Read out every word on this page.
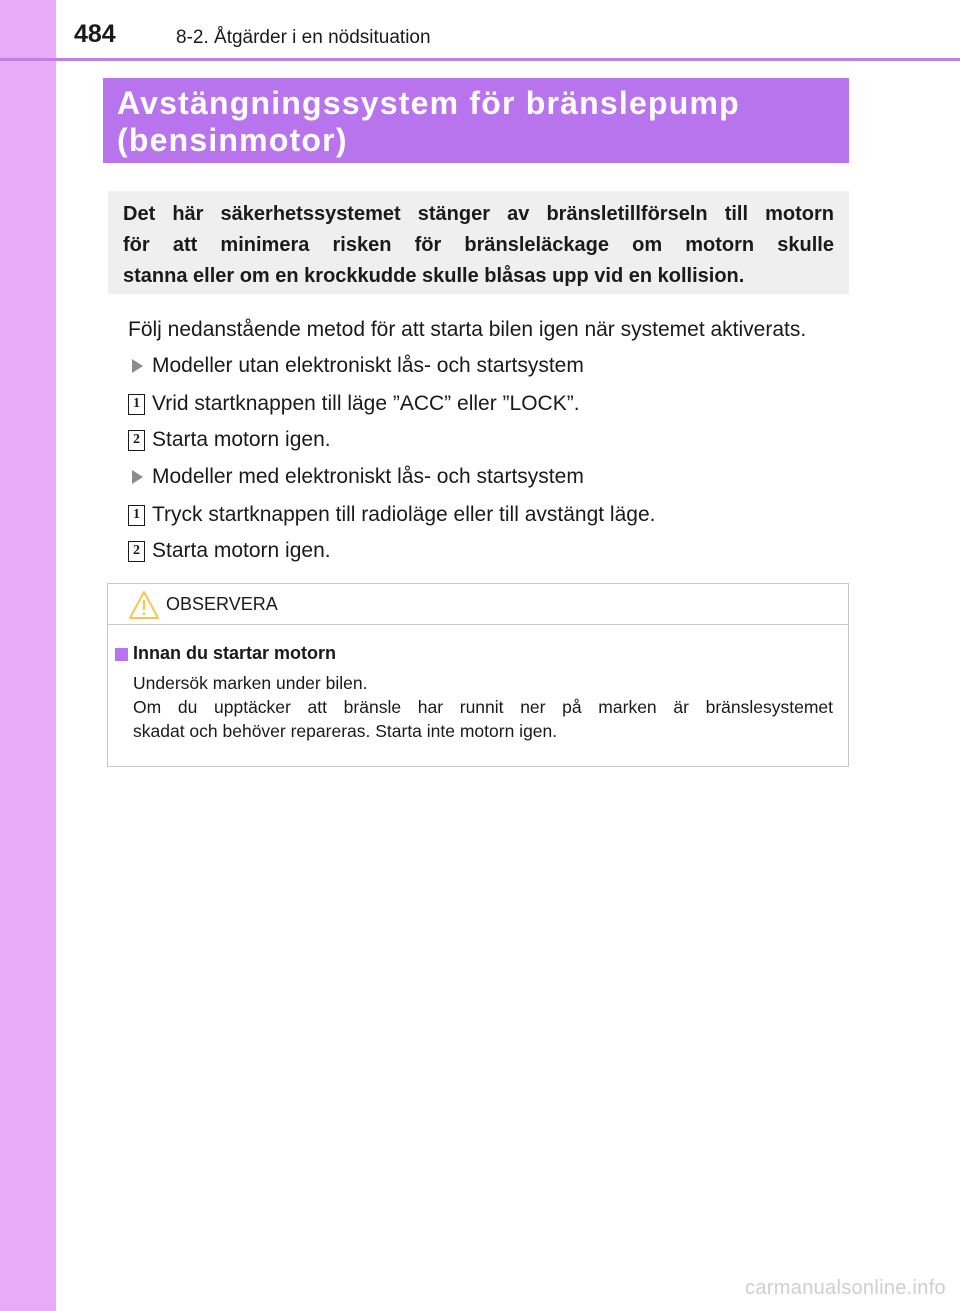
484	8-2. Åtgärder i en nödsituation
Avstängningssystem för bränslepump
(bensinmotor)
Det här säkerhetssystemet stänger av bränsletillförseln till motorn
för att minimera risken för bränsleläckage om motorn skulle
stanna eller om en krockkudde skulle blåsas upp vid en kollision.
Följ nedanstående metod för att starta bilen igen när systemet aktiverats.
Modeller utan elektroniskt lås- och startsystem
1 Vrid startknappen till läge ”ACC” eller ”LOCK”.
2 Starta motorn igen.
Modeller med elektroniskt lås- och startsystem
1 Tryck startknappen till radioläge eller till avstängt läge.
2 Starta motorn igen.
OBSERVERA
Innan du startar motorn
Undersök marken under bilen.
Om du upptäcker att bränsle har runnit ner på marken är bränslesystemet
skadat och behöver repareras. Starta inte motorn igen.
carmanualsonline.info
